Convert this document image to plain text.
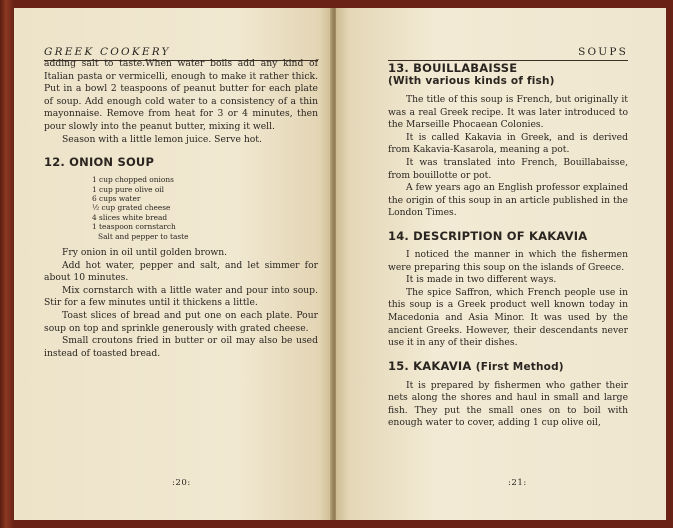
GREEK COOKERY

adding salt to taste.When water boils add any kind of Italian pasta or vermicelli, enough to make it rather thick. Put in a bowl 2 teaspoons of peanut butter for each plate of soup. Add enough cold water to a consistency of a thin mayonnaise. Remove from heat for 3 or 4 minutes, then pour slowly into the peanut butter, mixing it well.

Season with a little lemon juice. Serve hot.

12. ONION SOUP
1 cup chopped onions
1 cup pure olive oil
6 cups water
½ cup grated cheese
4 slices white bread
1 teaspoon cornstarch
Salt and pepper to taste

Fry onion in oil until golden brown.

Add hot water, pepper and salt, and let simmer for about 10 minutes.

Mix cornstarch with a little water and pour into soup. Stir for a few minutes until it thickens a little.

Toast slices of bread and put one on each plate. Pour soup on top and sprinkle generously with grated cheese.

Small croutons fried in butter or oil may also be used instead of toasted bread.

:20:
SOUPS
13. BOUILLABAISSE
(With various kinds of fish)

The title of this soup is French, but originally it was a real Greek recipe. It was later introduced to the Marseille Phocaean Colonies.

It is called Kakavia in Greek, and is derived from Kakavia-Kasarola, meaning a pot.

It was translated into French, Bouillabaisse, from bouillotte or pot.

A few years ago an English professor explained the origin of this soup in an article published in the London Times.

14. DESCRIPTION OF KAKAVIA

I noticed the manner in which the fishermen were preparing this soup on the islands of Greece.

It is made in two different ways.

The spice Saffron, which French people use in this soup is a Greek product well known today in Macedonia and Asia Minor. It was used by the ancient Greeks. However, their descendants never use it in any of their dishes.

15. KAKAVIA (First Method)

It is prepared by fishermen who gather their nets along the shores and haul in small and large fish. They put the small ones on to boil with enough water to cover, adding 1 cup olive oil,

:21:
